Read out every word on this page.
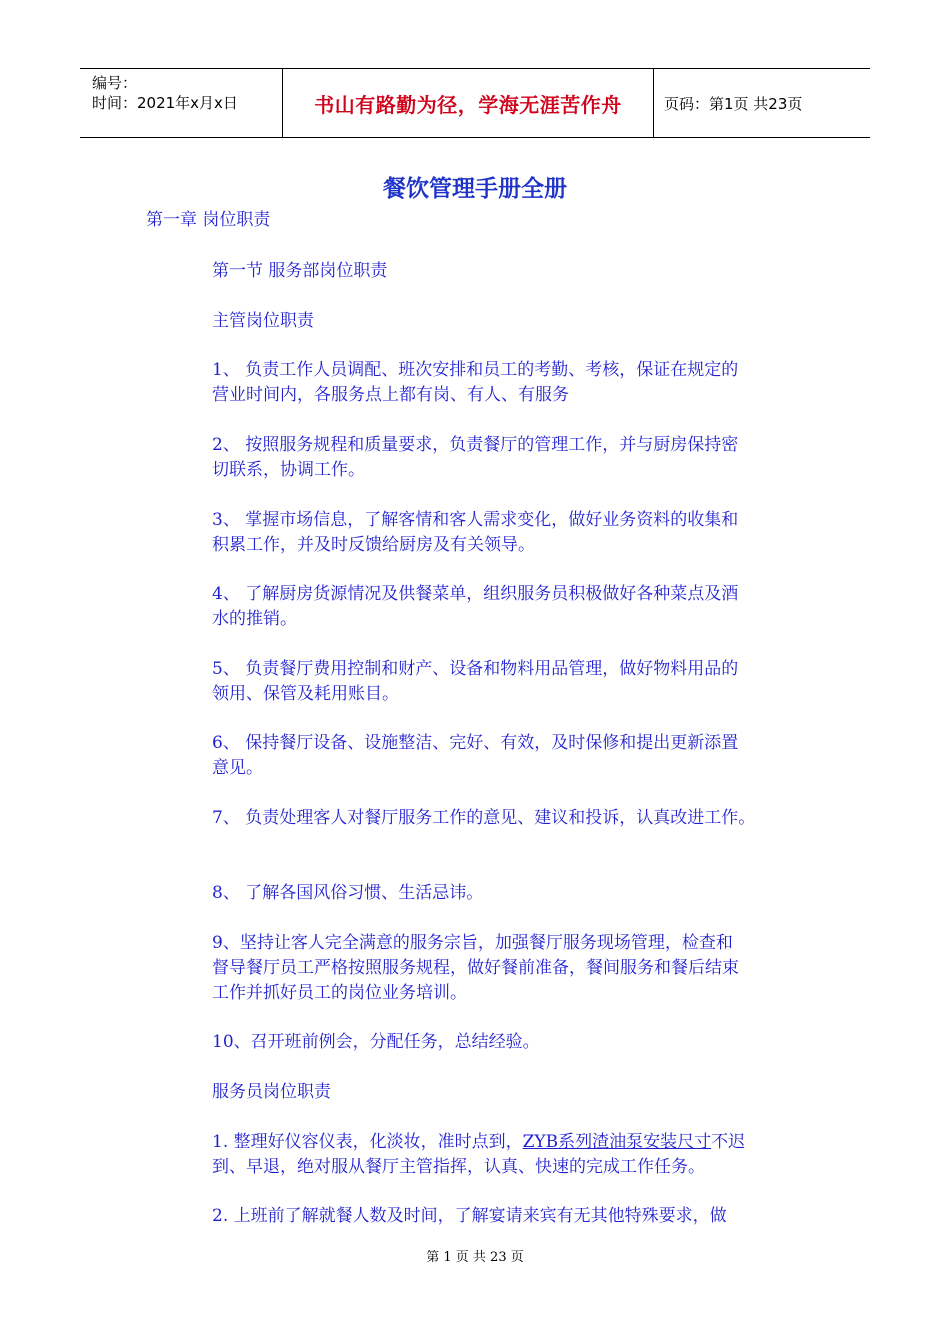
编号：
时间：2021年x月x日	书山有路勤为径，学海无涯苦作舟	页码：第1页 共23页
餐饮管理手册全册
第一章 岗位职责
第一节 服务部岗位职责
主管岗位职责
1、 负责工作人员调配、班次安排和员工的考勤、考核，保证在规定的
营业时间内，各服务点上都有岗、有人、有服务
2、 按照服务规程和质量要求，负责餐厅的管理工作，并与厨房保持密
切联系，协调工作。
3、 掌握市场信息，了解客情和客人需求变化，做好业务资料的收集和
积累工作，并及时反馈给厨房及有关领导。
4、 了解厨房货源情况及供餐菜单，组织服务员积极做好各种菜点及酒
水的推销。
5、 负责餐厅费用控制和财产、设备和物料用品管理，做好物料用品的
领用、保管及耗用账目。
6、 保持餐厅设备、设施整洁、完好、有效，及时保修和提出更新添置
意见。
7、 负责处理客人对餐厅服务工作的意见、建议和投诉，认真改进工作。
8、 了解各国风俗习惯、生活忌讳。
9、坚持让客人完全满意的服务宗旨，加强餐厅服务现场管理，检查和
督导餐厅员工严格按照服务规程，做好餐前准备，餐间服务和餐后结束
工作并抓好员工的岗位业务培训。
10、召开班前例会，分配任务，总结经验。
服务员岗位职责
1. 整理好仪容仪表，化淡妆，准时点到，ZYB系列渣油泵安装尺寸不迟
到、早退，绝对服从餐厅主管指挥，认真、快速的完成工作任务。
2. 上班前了解就餐人数及时间，了解宴请来宾有无其他特殊要求，做
第 1 页 共 23 页
